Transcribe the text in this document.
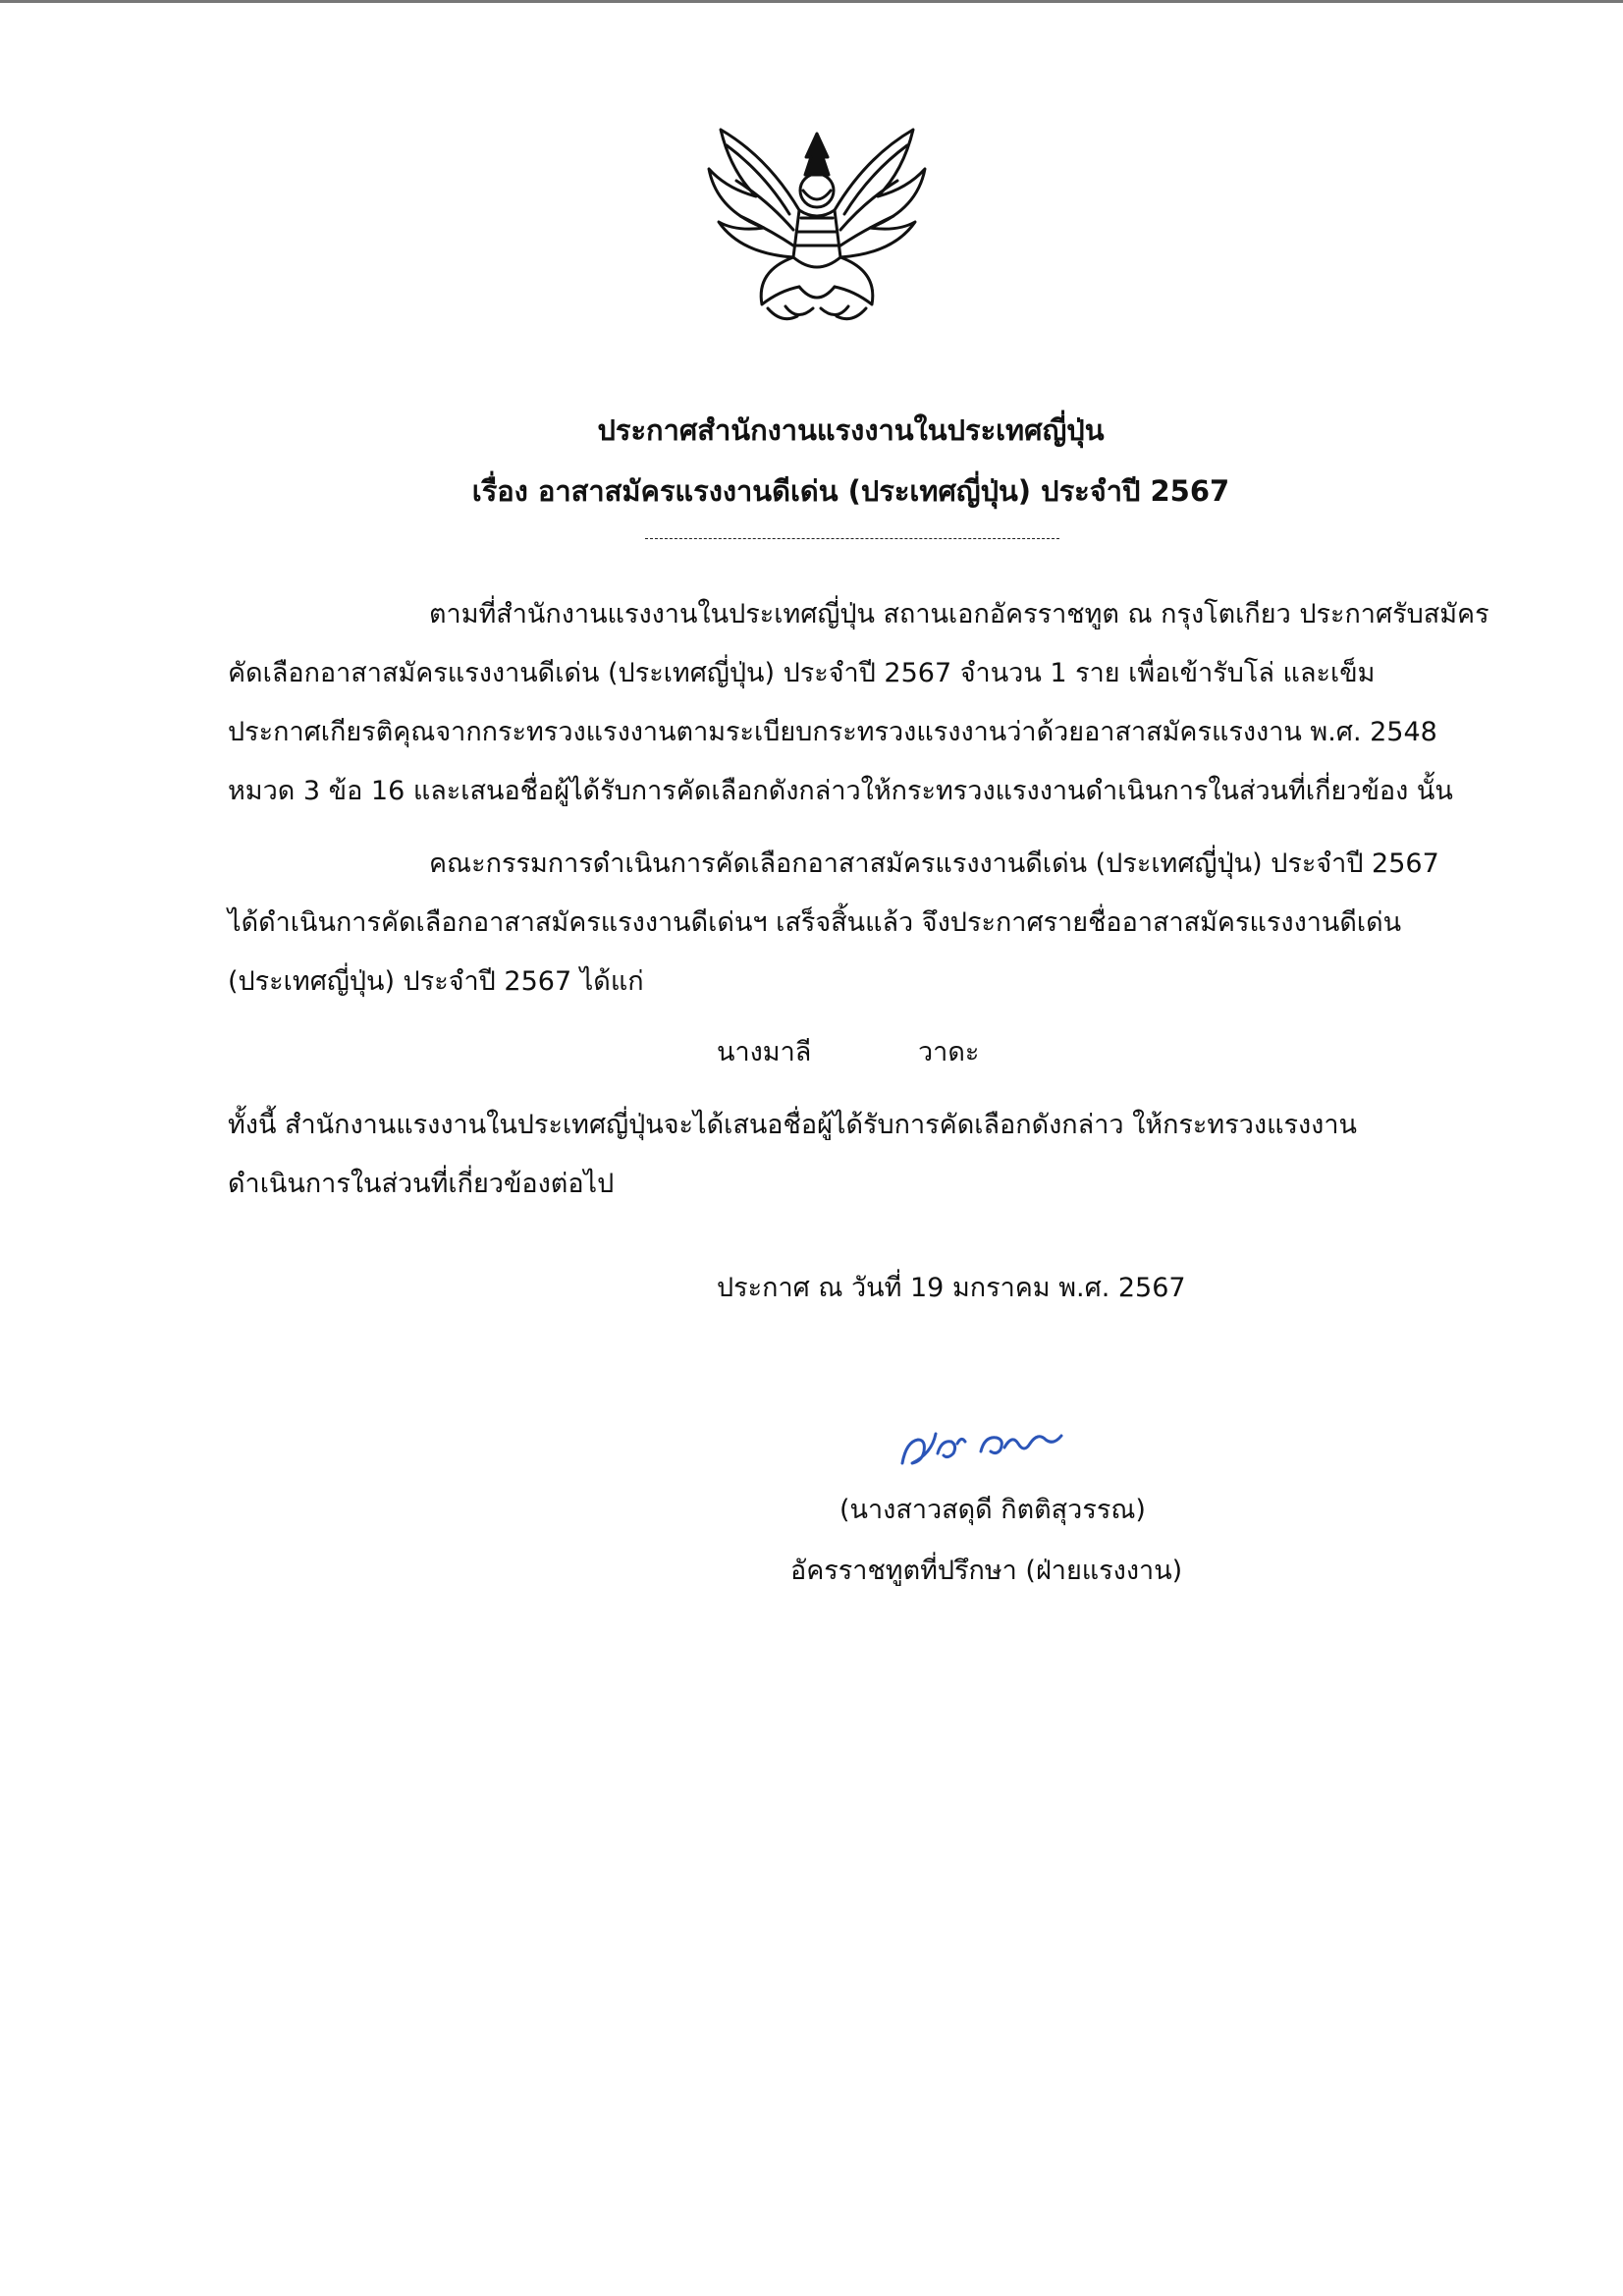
ประกาศสำนักงานแรงงานในประเทศญี่ปุ่น
เรื่อง อาสาสมัครแรงงานดีเด่น (ประเทศญี่ปุ่น) ประจำปี 2567
ตามที่สำนักงานแรงงานในประเทศญี่ปุ่น สถานเอกอัครราชทูต ณ กรุงโตเกียว ประกาศรับสมัคร
คัดเลือกอาสาสมัครแรงงานดีเด่น (ประเทศญี่ปุ่น) ประจำปี 2567 จำนวน 1 ราย เพื่อเข้ารับโล่ และเข็ม
ประกาศเกียรติคุณจากกระทรวงแรงงานตามระเบียบกระทรวงแรงงานว่าด้วยอาสาสมัครแรงงาน พ.ศ. 2548
หมวด 3 ข้อ 16 และเสนอชื่อผู้ได้รับการคัดเลือกดังกล่าวให้กระทรวงแรงงานดำเนินการในส่วนที่เกี่ยวข้อง นั้น
คณะกรรมการดำเนินการคัดเลือกอาสาสมัครแรงงานดีเด่น (ประเทศญี่ปุ่น) ประจำปี 2567
ได้ดำเนินการคัดเลือกอาสาสมัครแรงงานดีเด่นฯ เสร็จสิ้นแล้ว จึงประกาศรายชื่ออาสาสมัครแรงงานดีเด่น
(ประเทศญี่ปุ่น) ประจำปี 2567 ได้แก่
นางมาลี	วาดะ
ทั้งนี้ สำนักงานแรงงานในประเทศญี่ปุ่นจะได้เสนอชื่อผู้ได้รับการคัดเลือกดังกล่าว ให้กระทรวงแรงงาน
ดำเนินการในส่วนที่เกี่ยวข้องต่อไป
ประกาศ ณ วันที่ 19 มกราคม พ.ศ. 2567
(นางสาวสดุดี กิตติสุวรรณ)
อัครราชทูตที่ปรึกษา (ฝ่ายแรงงาน)
